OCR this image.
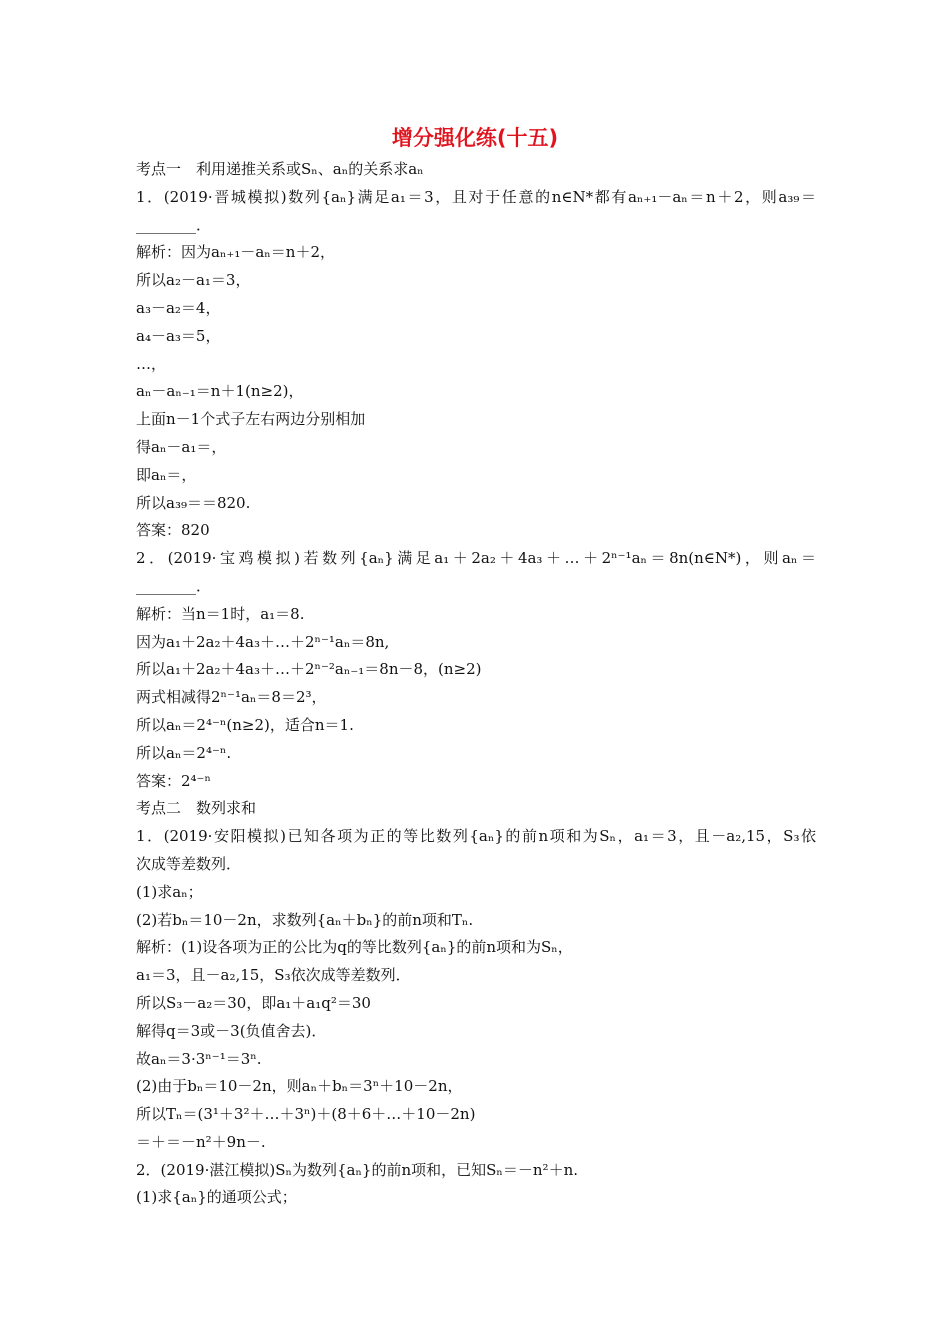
增分强化练(十五)
考点一　利用递推关系或Sₙ、aₙ的关系求aₙ
1．(2019·晋城模拟)数列{aₙ}满足a₁＝3，且对于任意的n∈N*都有aₙ₊₁－aₙ＝n＋2，则a₃₉＝
________．
解析：因为aₙ₊₁－aₙ＝n＋2，
所以a₂－a₁＝3，
a₃－a₂＝4，
a₄－a₃＝5，
…，
aₙ－aₙ₋₁＝n＋1(n≥2)，
上面n－1个式子左右两边分别相加
得aₙ－a₁＝，
即aₙ＝，
所以a₃₉＝＝820.
答案：820
2．(2019·宝鸡模拟)若数列{aₙ}满足a₁＋2a₂＋4a₃＋…＋2ⁿ⁻¹aₙ＝8n(n∈N*)，则aₙ＝
________．
解析：当n＝1时，a₁＝8.
因为a₁＋2a₂＋4a₃＋…＋2ⁿ⁻¹aₙ＝8n,
所以a₁＋2a₂＋4a₃＋…＋2ⁿ⁻²aₙ₋₁＝8n－8，(n≥2)
两式相减得2ⁿ⁻¹aₙ＝8＝2³，
所以aₙ＝2⁴⁻ⁿ(n≥2)，适合n＝1.
所以aₙ＝2⁴⁻ⁿ.
答案：2⁴⁻ⁿ
考点二　数列求和
1．(2019·安阳模拟)已知各项为正的等比数列{aₙ}的前n项和为Sₙ，a₁＝3，且－a₂,15，S₃依
次成等差数列．
(1)求aₙ；
(2)若bₙ＝10－2n，求数列{aₙ＋bₙ}的前n项和Tₙ.
解析：(1)设各项为正的公比为q的等比数列{aₙ}的前n项和为Sₙ，
a₁＝3，且－a₂,15，S₃依次成等差数列．
所以S₃－a₂＝30，即a₁＋a₁q²＝30
解得q＝3或－3(负值舍去)．
故aₙ＝3·3ⁿ⁻¹＝3ⁿ.
(2)由于bₙ＝10－2n，则aₙ＋bₙ＝3ⁿ＋10－2n，
所以Tₙ＝(3¹＋3²＋…＋3ⁿ)＋(8＋6＋…＋10－2n)
＝＋＝－n²＋9n－.
2．(2019·湛江模拟)Sₙ为数列{aₙ}的前n项和，已知Sₙ＝－n²＋n.
(1)求{aₙ}的通项公式；
